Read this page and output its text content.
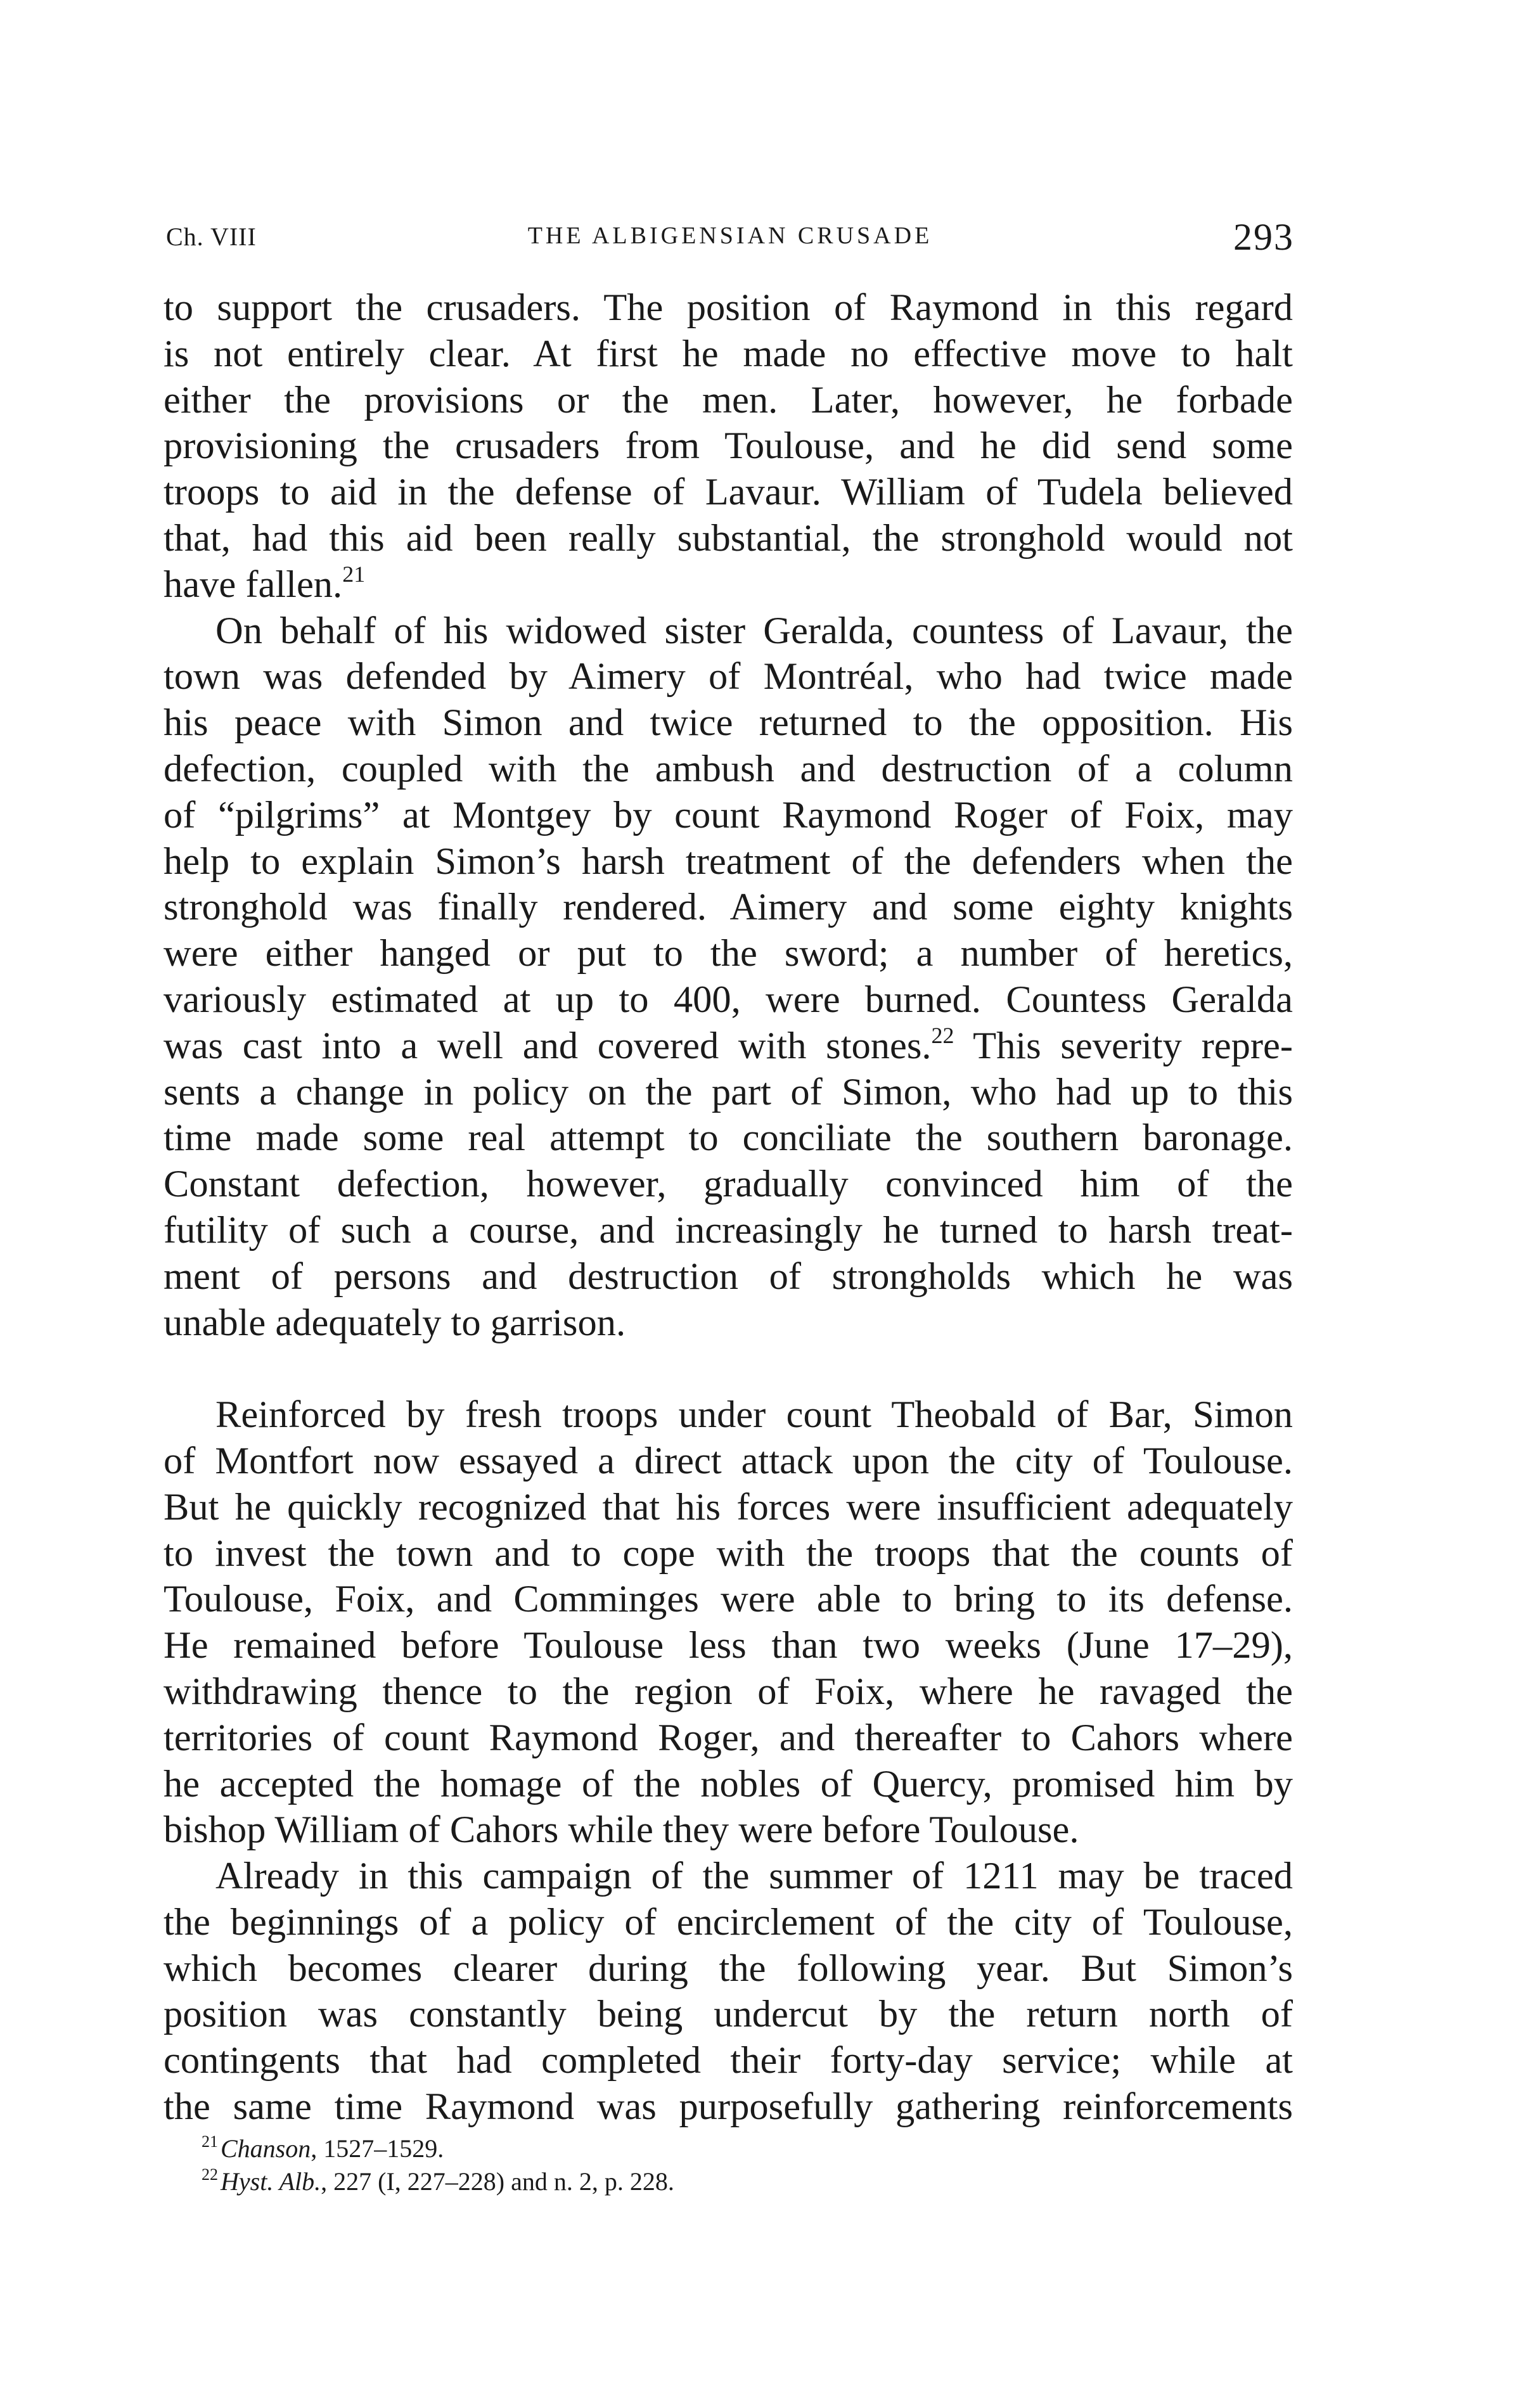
Ch. VIII	THE ALBIGENSIAN CRUSADE	293
to support the crusaders. The position of Raymond in this regard
is not entirely clear. At first he made no effective move to halt
either the provisions or the men. Later, however, he forbade
provisioning the crusaders from Toulouse, and he did send some
troops to aid in the defense of Lavaur. William of Tudela believed
that, had this aid been really substantial, the stronghold would not
have fallen.$^{21}$
On behalf of his widowed sister Geralda, countess of Lavaur, the
town was defended by Aimery of Montréal, who had twice made
his peace with Simon and twice returned to the opposition. His
defection, coupled with the ambush and destruction of a column
of “pilgrims” at Montgey by count Raymond Roger of Foix, may
help to explain Simon’s harsh treatment of the defenders when the
stronghold was finally rendered. Aimery and some eighty knights
were either hanged or put to the sword; a number of heretics,
variously estimated at up to 400, were burned. Countess Geralda
was cast into a well and covered with stones.$^{22}$ This severity repre-
sents a change in policy on the part of Simon, who had up to this
time made some real attempt to conciliate the southern baronage.
Constant defection, however, gradually convinced him of the
futility of such a course, and increasingly he turned to harsh treat-
ment of persons and destruction of strongholds which he was
unable adequately to garrison.
Reinforced by fresh troops under count Theobald of Bar, Simon
of Montfort now essayed a direct attack upon the city of Toulouse.
But he quickly recognized that his forces were insufficient adequately
to invest the town and to cope with the troops that the counts of
Toulouse, Foix, and Comminges were able to bring to its defense.
He remained before Toulouse less than two weeks (June 17–29),
withdrawing thence to the region of Foix, where he ravaged the
territories of count Raymond Roger, and thereafter to Cahors where
he accepted the homage of the nobles of Quercy, promised him by
bishop William of Cahors while they were before Toulouse.
Already in this campaign of the summer of 1211 may be traced
the beginnings of a policy of encirclement of the city of Toulouse,
which becomes clearer during the following year. But Simon’s
position was constantly being undercut by the return north of
contingents that had completed their forty-day service; while at
the same time Raymond was purposefully gathering reinforcements
$^{21}$ Chanson, 1527–1529.
$^{22}$ Hyst. Alb., 227 (I, 227–228) and n. 2, p. 228.
